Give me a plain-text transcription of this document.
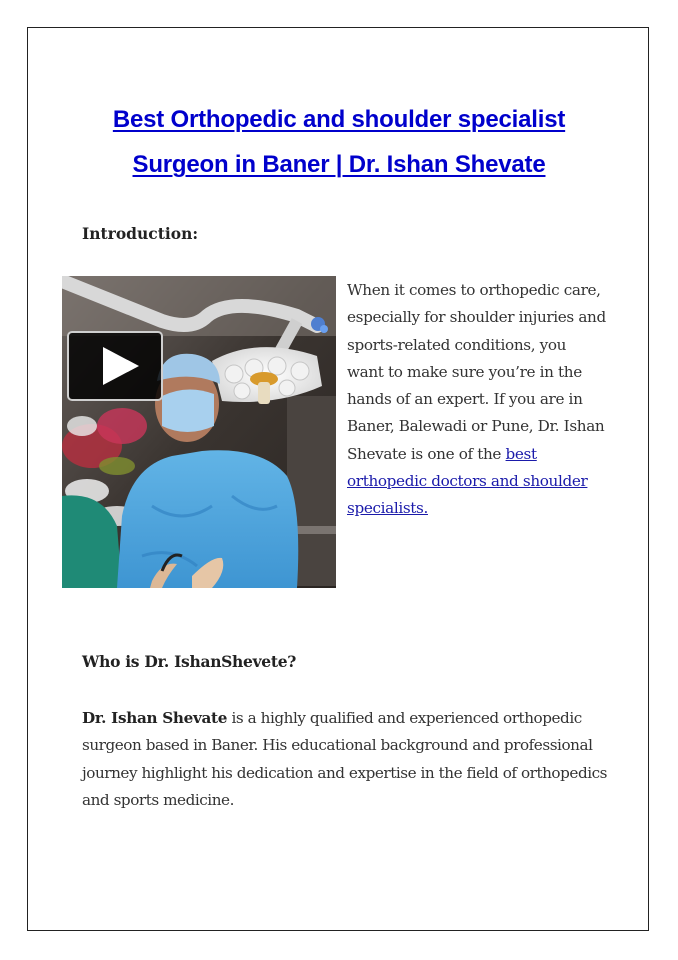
Best Orthopedic and shoulder specialist
Surgeon in Baner | Dr. Ishan Shevate
Introduction:
When it comes to orthopedic care, especially for shoulder injuries and sports-related conditions, you want to make sure you’re in the hands of an expert. If you are in Baner, Balewadi or Pune, Dr. Ishan Shevate is one of the best orthopedic doctors and shoulder specialists.
Who is Dr. IshanShevete?
Dr. Ishan Shevate is a highly qualified and experienced orthopedic surgeon based in Baner. His educational background and professional journey highlight his dedication and expertise in the field of orthopedics and sports medicine.
